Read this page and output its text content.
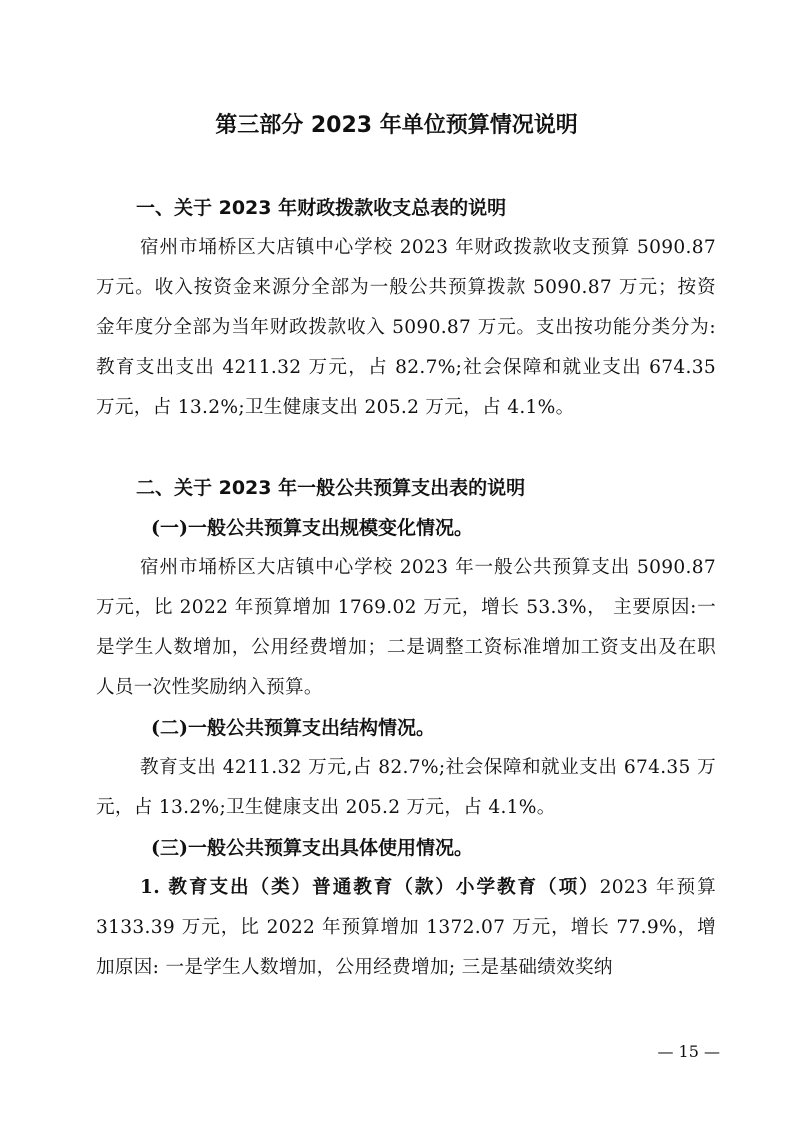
第三部分 2023 年单位预算情况说明

一、关于 2023 年财政拨款收支总表的说明

宿州市埇桥区大店镇中心学校 2023 年财政拨款收支预算 5090.87万元。收入按资金来源分全部为一般公共预算拨款 5090.87 万元；按资金年度分全部为当年财政拨款收入 5090.87 万元。支出按功能分类分为:教育支出支出 4211.32 万元，占 82.7%;社会保障和就业支出 674.35 万元，占 13.2%;卫生健康支出 205.2 万元，占 4.1%。

二、关于 2023 年一般公共预算支出表的说明

(一)一般公共预算支出规模变化情况。

宿州市埇桥区大店镇中心学校 2023 年一般公共预算支出 5090.87万元，比 2022 年预算增加 1769.02 万元，增长 53.3%， 主要原因:一是学生人数增加，公用经费增加；二是调整工资标准增加工资支出及在职人员一次性奖励纳入预算。

(二)一般公共预算支出结构情况。

教育支出 4211.32 万元,占 82.7%;社会保障和就业支出 674.35 万元，占 13.2%;卫生健康支出 205.2 万元，占 4.1%。

(三)一般公共预算支出具体使用情况。

1. 教育支出（类）普通教育（款）小学教育（项）2023 年预算 3133.39 万元，比 2022 年预算增加 1372.07 万元，增长 77.9%，增加原因: 一是学生人数增加，公用经费增加; 三是基础绩效奖纳

— 15 —
